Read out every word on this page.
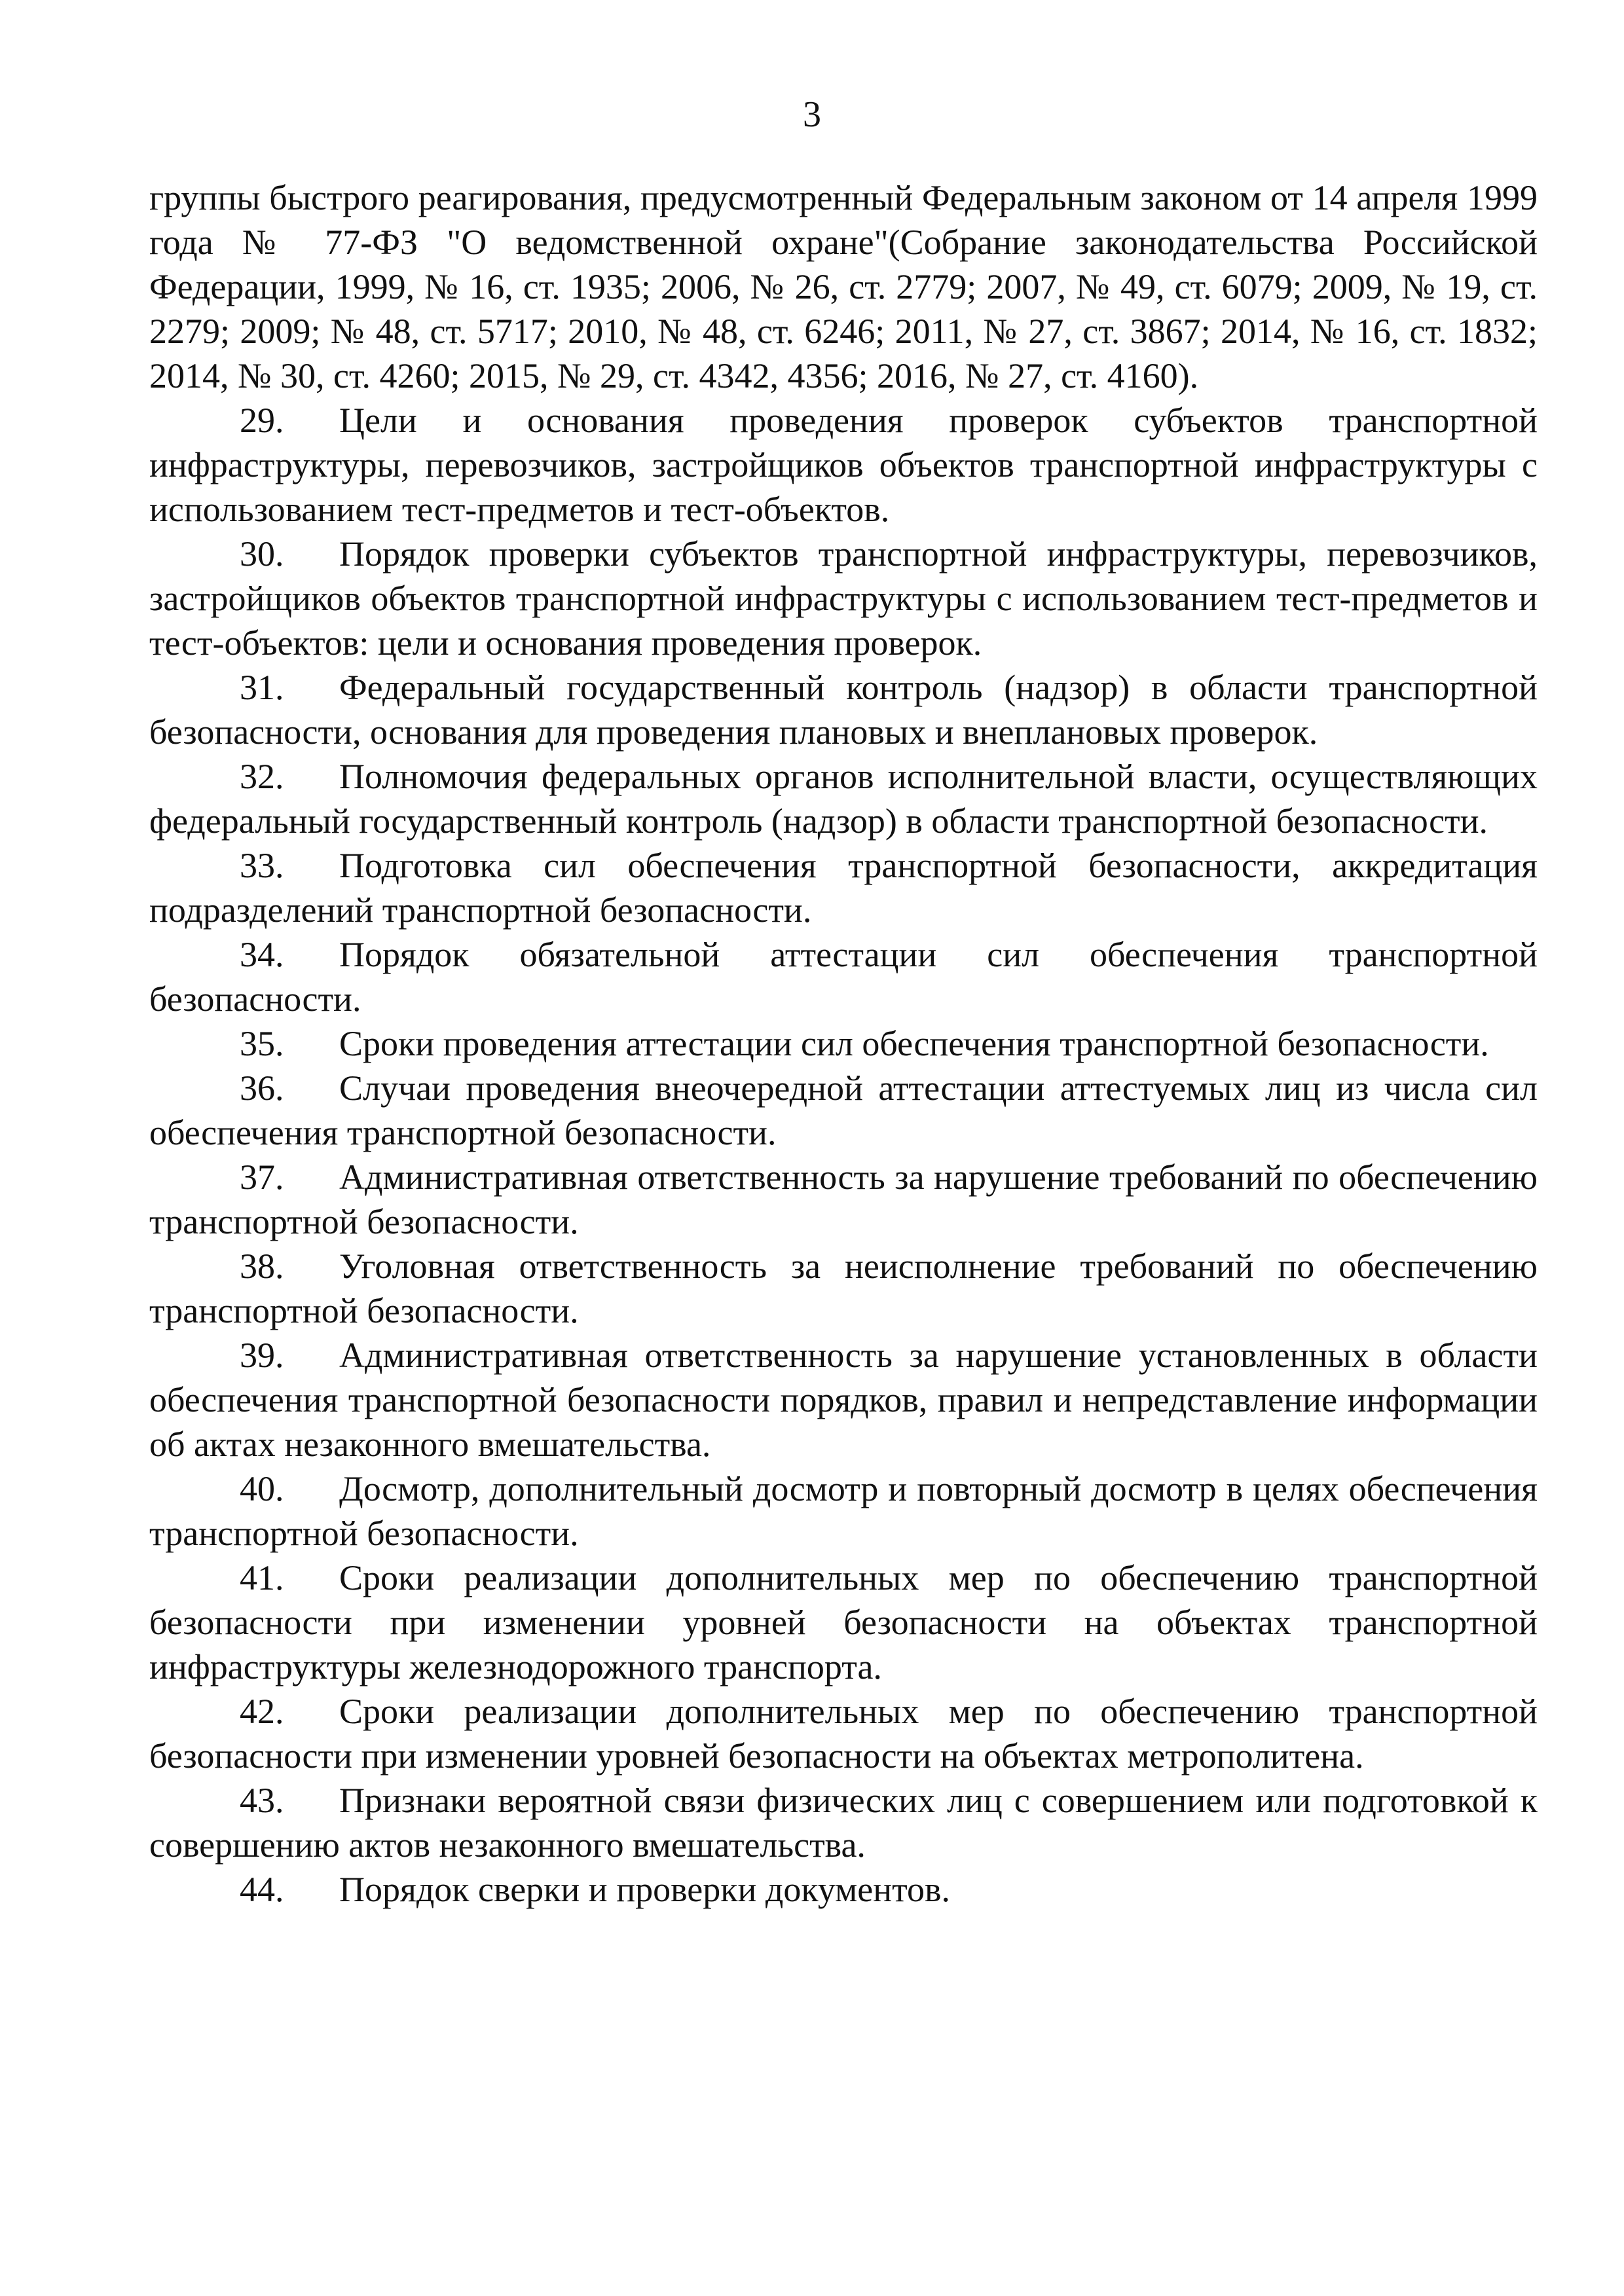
3

группы быстрого реагирования, предусмотренный Федеральным законом от 14 апреля 1999 года № 77-ФЗ "О ведомственной охране"(Собрание законодательства Российской Федерации, 1999, № 16, ст. 1935; 2006, № 26, ст. 2779; 2007, № 49, ст. 6079; 2009, № 19, ст. 2279; 2009; № 48, ст. 5717; 2010, № 48, ст. 6246; 2011, № 27, ст. 3867; 2014, № 16, ст. 1832; 2014, № 30, ст. 4260; 2015, № 29, ст. 4342, 4356; 2016, № 27, ст. 4160).

29. Цели и основания проведения проверок субъектов транспортной инфраструктуры, перевозчиков, застройщиков объектов транспортной инфраструктуры с использованием тест-предметов и тест-объектов.

30. Порядок проверки субъектов транспортной инфраструктуры, перевозчиков, застройщиков объектов транспортной инфраструктуры с использованием тест-предметов и тест-объектов: цели и основания проведения проверок.

31. Федеральный государственный контроль (надзор) в области транспортной безопасности, основания для проведения плановых и внеплановых проверок.

32. Полномочия федеральных органов исполнительной власти, осуществляющих федеральный государственный контроль (надзор) в области транспортной безопасности.

33. Подготовка сил обеспечения транспортной безопасности, аккредитация подразделений транспортной безопасности.

34. Порядок обязательной аттестации сил обеспечения транспортной безопасности.

35. Сроки проведения аттестации сил обеспечения транспортной безопасности.

36. Случаи проведения внеочередной аттестации аттестуемых лиц из числа сил обеспечения транспортной безопасности.

37. Административная ответственность за нарушение требований по обеспечению транспортной безопасности.

38. Уголовная ответственность за неисполнение требований по обеспечению транспортной безопасности.

39. Административная ответственность за нарушение установленных в области обеспечения транспортной безопасности порядков, правил и непредставление информации об актах незаконного вмешательства.

40. Досмотр, дополнительный досмотр и повторный досмотр в целях обеспечения транспортной безопасности.

41. Сроки реализации дополнительных мер по обеспечению транспортной безопасности при изменении уровней безопасности на объектах транспортной инфраструктуры железнодорожного транспорта.

42. Сроки реализации дополнительных мер по обеспечению транспортной безопасности при изменении уровней безопасности на объектах метрополитена.

43. Признаки вероятной связи физических лиц с совершением или подготовкой к совершению актов незаконного вмешательства.

44. Порядок сверки и проверки документов.
